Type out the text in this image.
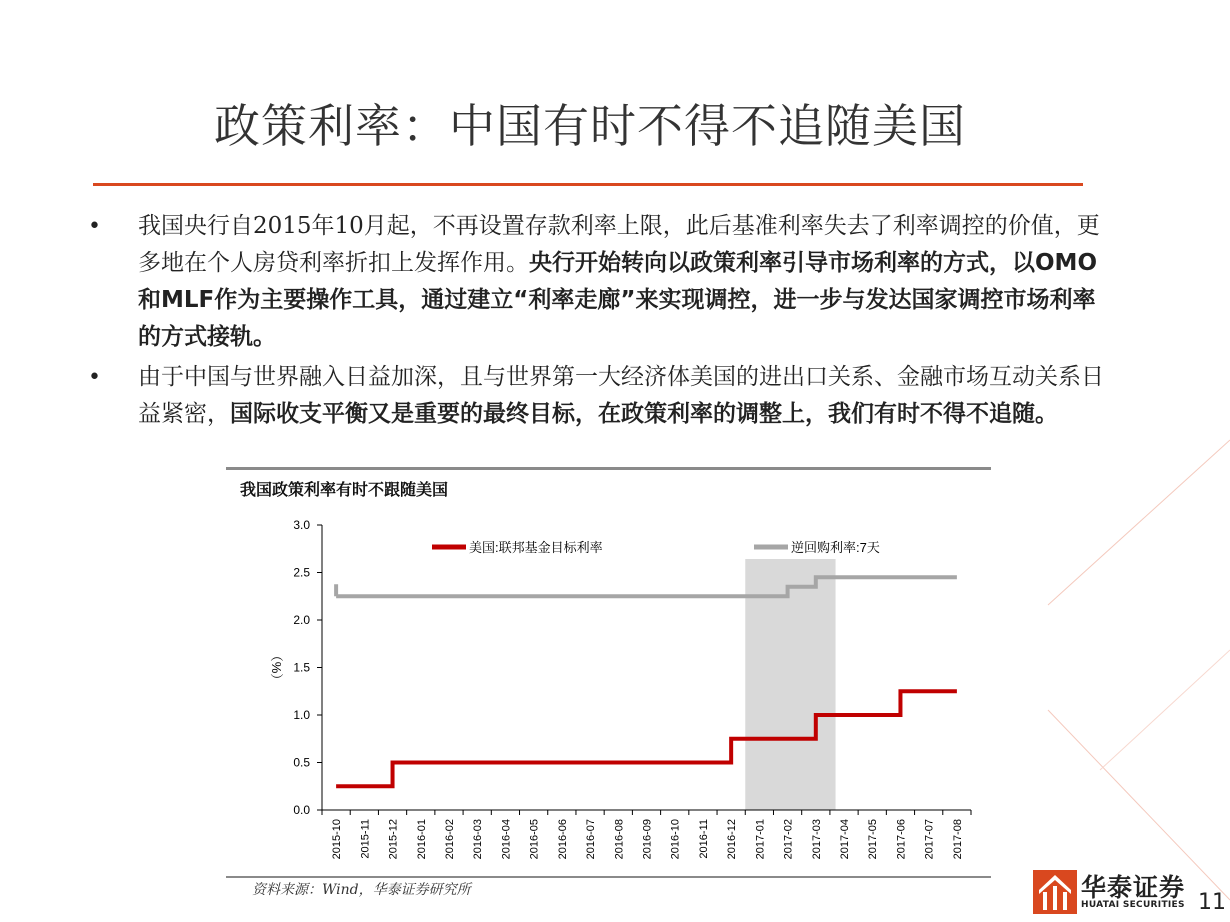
政策利率：中国有时不得不追随美国
• 我国央行自2015年10月起，不再设置存款利率上限，此后基准利率失去了利率调控的价值，更多地在个人房贷利率折扣上发挥作用。央行开始转向以政策利率引导市场利率的方式，以OMO和MLF作为主要操作工具，通过建立“利率走廊”来实现调控，进一步与发达国家调控市场利率的方式接轨。
• 由于中国与世界融入日益加深，且与世界第一大经济体美国的进出口关系、金融市场互动关系日益紧密，国际收支平衡又是重要的最终目标，在政策利率的调整上，我们有时不得不追随。
我国政策利率有时不跟随美国
0.0
0.5
1.0
1.5
2.0
2.5
3.0
（%）
2015-10 2015-11 2015-12 2016-01 2016-02 2016-03 2016-04 2016-05 2016-06 2016-07 2016-08 2016-09 2016-10 2016-11 2016-12 2017-01 2017-02 2017-03 2017-04 2017-05 2017-06 2017-07 2017-08
美国:联邦基金目标利率	逆回购利率:7天
资料来源：Wind，华泰证券研究所	华泰证券
HUATAI SECURITIES 11
